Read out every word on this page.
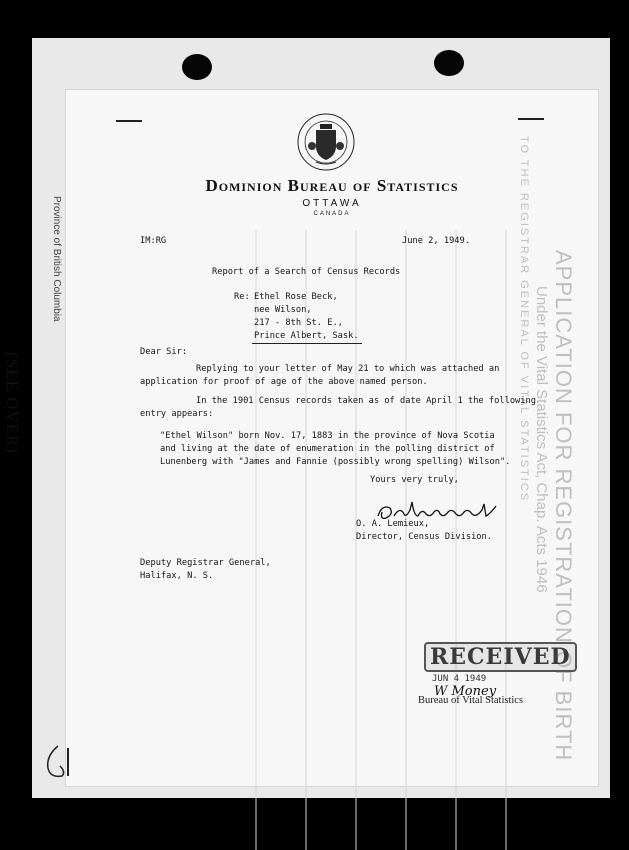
Province of British Columbia
(SEE OVER)	APPLICATION FOR REGISTRATION OF BIRTH
Under the Vital Statistics Act, Chap. Acts 1946
TO THE REGISTRAR GENERAL OF VITAL STATISTICS
Dominion Bureau of Statistics
OTTAWA
CANADA
IM:RG	June 2, 1949.
Report of a Search of Census Records
Re: Ethel Rose Beck,
nee Wilson,
217 - 8th St. E.,
Prince Albert, Sask.
Dear Sir:
Replying to your letter of May 21 to which was attached an
application for proof of age of the above named person.
In the 1901 Census records taken as of date April 1 the following
entry appears:
"Ethel Wilson" born Nov. 17, 1883 in the province of Nova Scotia
and living at the date of enumeration in the polling district of
Lunenberg with "James and Fannie (possibly wrong spelling) Wilson".
Yours very truly,
O. A. Lemieux,
Director, Census Division.
Deputy Registrar General,
Halifax, N. S.
RECEIVED
JUN 4 1949
W Money
Bureau of Vital Statistics
